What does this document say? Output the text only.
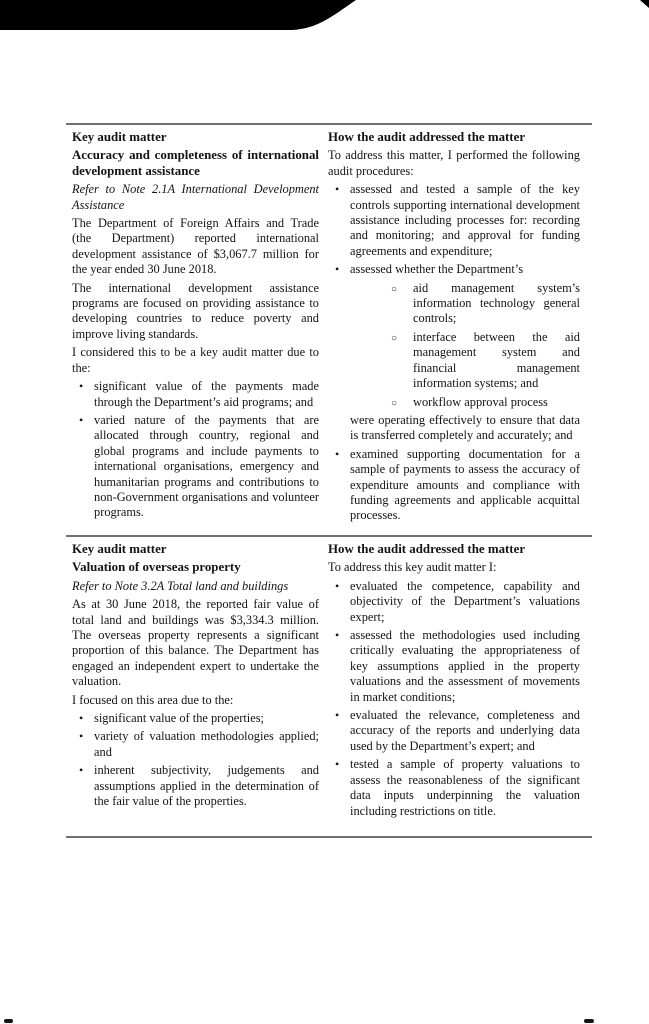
Key audit matter

Accuracy and completeness of international development assistance

Refer to Note 2.1A International Development Assistance

The Department of Foreign Affairs and Trade (the Department) reported international development assistance of $3,067.7 million for the year ended 30 June 2018.

The international development assistance programs are focused on providing assistance to developing countries to reduce poverty and improve living standards.

I considered this to be a key audit matter due to the:

• significant value of the payments made through the Department’s aid programs; and
• varied nature of the payments that are allocated through country, regional and global programs and include payments to international organisations, emergency and humanitarian programs and contributions to non-Government organisations and volunteer programs.

How the audit addressed the matter

To address this matter, I performed the following audit procedures:

• assessed and tested a sample of the key controls supporting international development assistance including processes for: recording and monitoring; and approval for funding agreements and expenditure;
• assessed whether the Department’s
○ aid management system’s information technology general controls;
○ interface between the aid management system and financial management information systems; and
○ workflow approval process

were operating effectively to ensure that data is transferred completely and accurately; and

• examined supporting documentation for a sample of payments to assess the accuracy of expenditure amounts and compliance with funding agreements and applicable acquittal processes.

Key audit matter

Valuation of overseas property

Refer to Note 3.2A Total land and buildings

As at 30 June 2018, the reported fair value of total land and buildings was $3,334.3 million. The overseas property represents a significant proportion of this balance. The Department has engaged an independent expert to undertake the valuation.

I focused on this area due to the:

• significant value of the properties;
• variety of valuation methodologies applied; and
• inherent subjectivity, judgements and assumptions applied in the determination of the fair value of the properties.

How the audit addressed the matter

To address this key audit matter I:

• evaluated the competence, capability and objectivity of the Department’s valuations expert;
• assessed the methodologies used including critically evaluating the appropriateness of key assumptions applied in the property valuations and the assessment of movements in market conditions;
• evaluated the relevance, completeness and accuracy of the reports and underlying data used by the Department’s expert; and
• tested a sample of property valuations to assess the reasonableness of the significant data inputs underpinning the valuation including restrictions on title.
